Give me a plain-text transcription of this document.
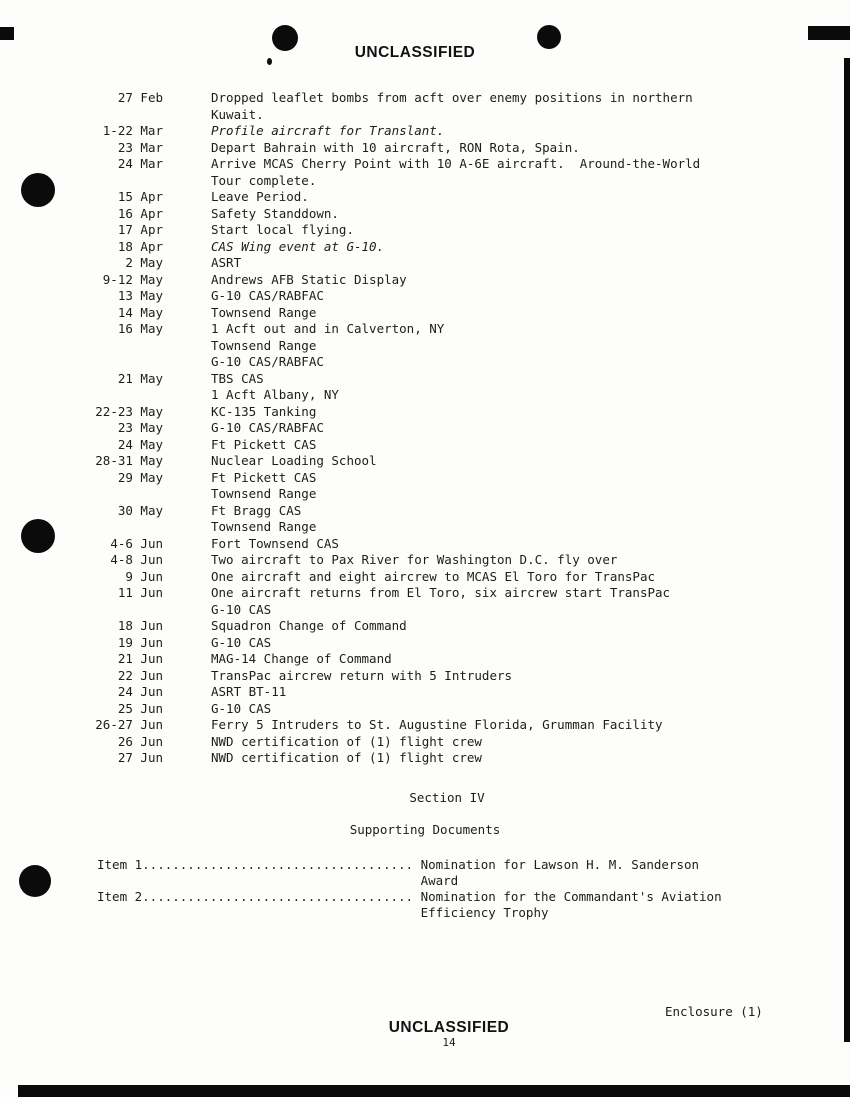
UNCLASSIFIED
27 Feb	Dropped leaflet bombs from acft over enemy positions in northern
Kuwait.
1-22 Mar	Profile aircraft for Translant.
23 Mar	Depart Bahrain with 10 aircraft, RON Rota, Spain.
24 Mar	Arrive MCAS Cherry Point with 10 A-6E aircraft.  Around-the-World
Tour complete.
15 Apr	Leave Period.
16 Apr	Safety Standdown.
17 Apr	Start local flying.
18 Apr	CAS Wing event at G-10.
2 May	ASRT
9-12 May	Andrews AFB Static Display
13 May	G-10 CAS/RABFAC
14 May	Townsend Range
16 May	1 Acft out and in Calverton, NY
Townsend Range
G-10 CAS/RABFAC
21 May	TBS CAS
1 Acft Albany, NY
22-23 May	KC-135 Tanking
23 May	G-10 CAS/RABFAC
24 May	Ft Pickett CAS
28-31 May	Nuclear Loading School
29 May	Ft Pickett CAS
Townsend Range
30 May	Ft Bragg CAS
Townsend Range
4-6 Jun	Fort Townsend CAS
4-8 Jun	Two aircraft to Pax River for Washington D.C. fly over
9 Jun	One aircraft and eight aircrew to MCAS El Toro for TransPac
11 Jun	One aircraft returns from El Toro, six aircrew start TransPac
G-10 CAS
18 Jun	Squadron Change of Command
19 Jun	G-10 CAS
21 Jun	MAG-14 Change of Command
22 Jun	TransPac aircrew return with 5 Intruders
24 Jun	ASRT BT-11
25 Jun	G-10 CAS
26-27 Jun	Ferry 5 Intruders to St. Augustine Florida, Grumman Facility
26 Jun	NWD certification of (1) flight crew
27 Jun	NWD certification of (1) flight crew
Section IV
Supporting Documents
Item 1.................................... Nomination for Lawson H. M. Sanderson
Award
Item 2.................................... Nomination for the Commandant's Aviation
Efficiency Trophy
Enclosure (1)
UNCLASSIFIED
14
